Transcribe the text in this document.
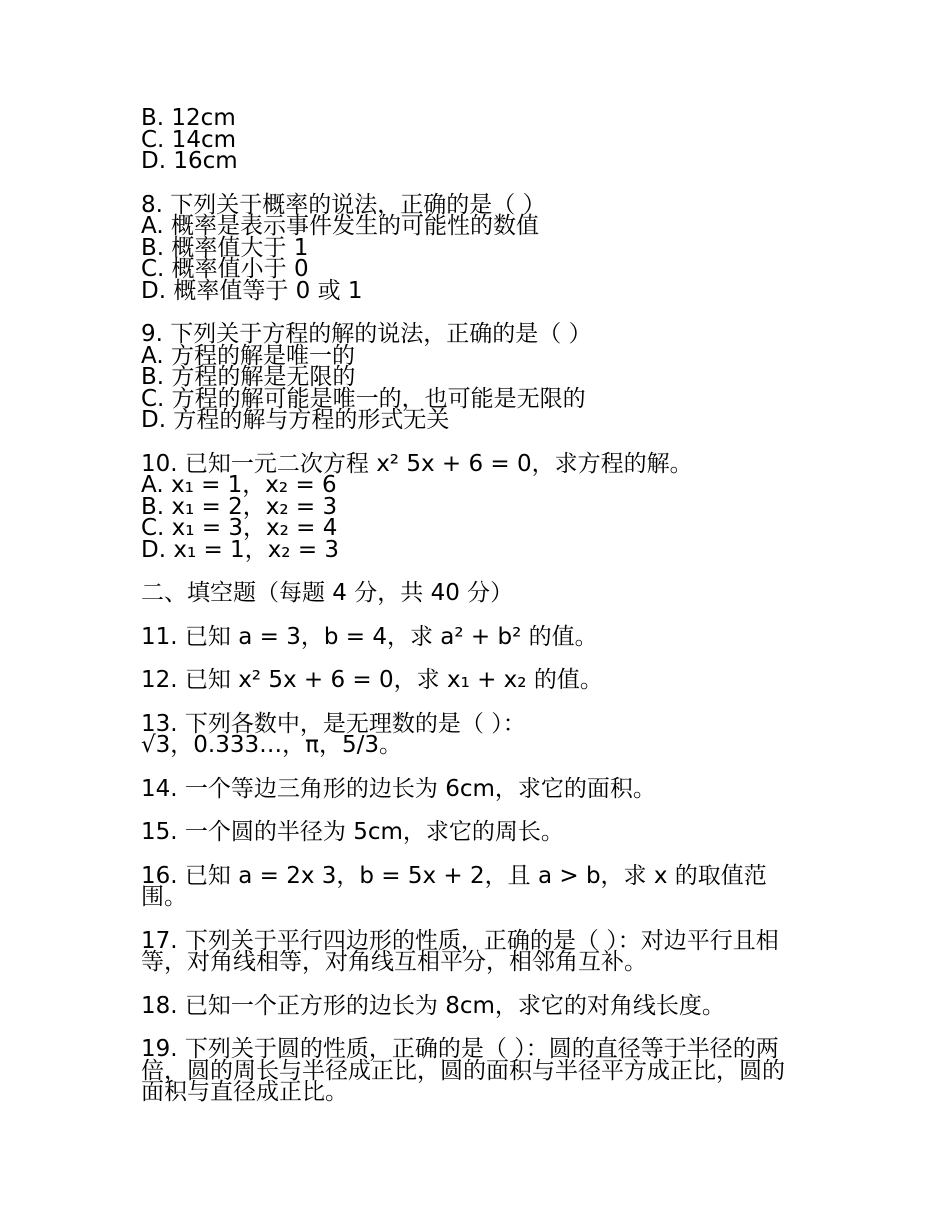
B. 12cm
C. 14cm
D. 16cm
8. 下列关于概率的说法，正确的是（ ）
A. 概率是表示事件发生的可能性的数值
B. 概率值大于 1
C. 概率值小于 0
D. 概率值等于 0 或 1
9. 下列关于方程的解的说法，正确的是（ ）
A. 方程的解是唯一的
B. 方程的解是无限的
C. 方程的解可能是唯一的，也可能是无限的
D. 方程的解与方程的形式无关
10. 已知一元二次方程 x² 5x + 6 = 0，求方程的解。
A. x₁ = 1，x₂ = 6
B. x₁ = 2，x₂ = 3
C. x₁ = 3，x₂ = 4
D. x₁ = 1，x₂ = 3
二、填空题（每题 4 分，共 40 分）
11. 已知 a = 3，b = 4，求 a² + b² 的值。
12. 已知 x² 5x + 6 = 0，求 x₁ + x₂ 的值。
13. 下列各数中，是无理数的是（ ）：
√3，0.333…，π，5/3。
14. 一个等边三角形的边长为 6cm，求它的面积。
15. 一个圆的半径为 5cm，求它的周长。
16. 已知 a = 2x 3，b = 5x + 2，且 a > b，求 x 的取值范围。
17. 下列关于平行四边形的性质，正确的是（ ）：对边平行且相等，对角线相等，对角线互相平分，相邻角互补。
18. 已知一个正方形的边长为 8cm，求它的对角线长度。
19. 下列关于圆的性质，正确的是（ ）：圆的直径等于半径的两倍，圆的周长与半径成正比，圆的面积与半径平方成正比，圆的面积与直径成正比。
